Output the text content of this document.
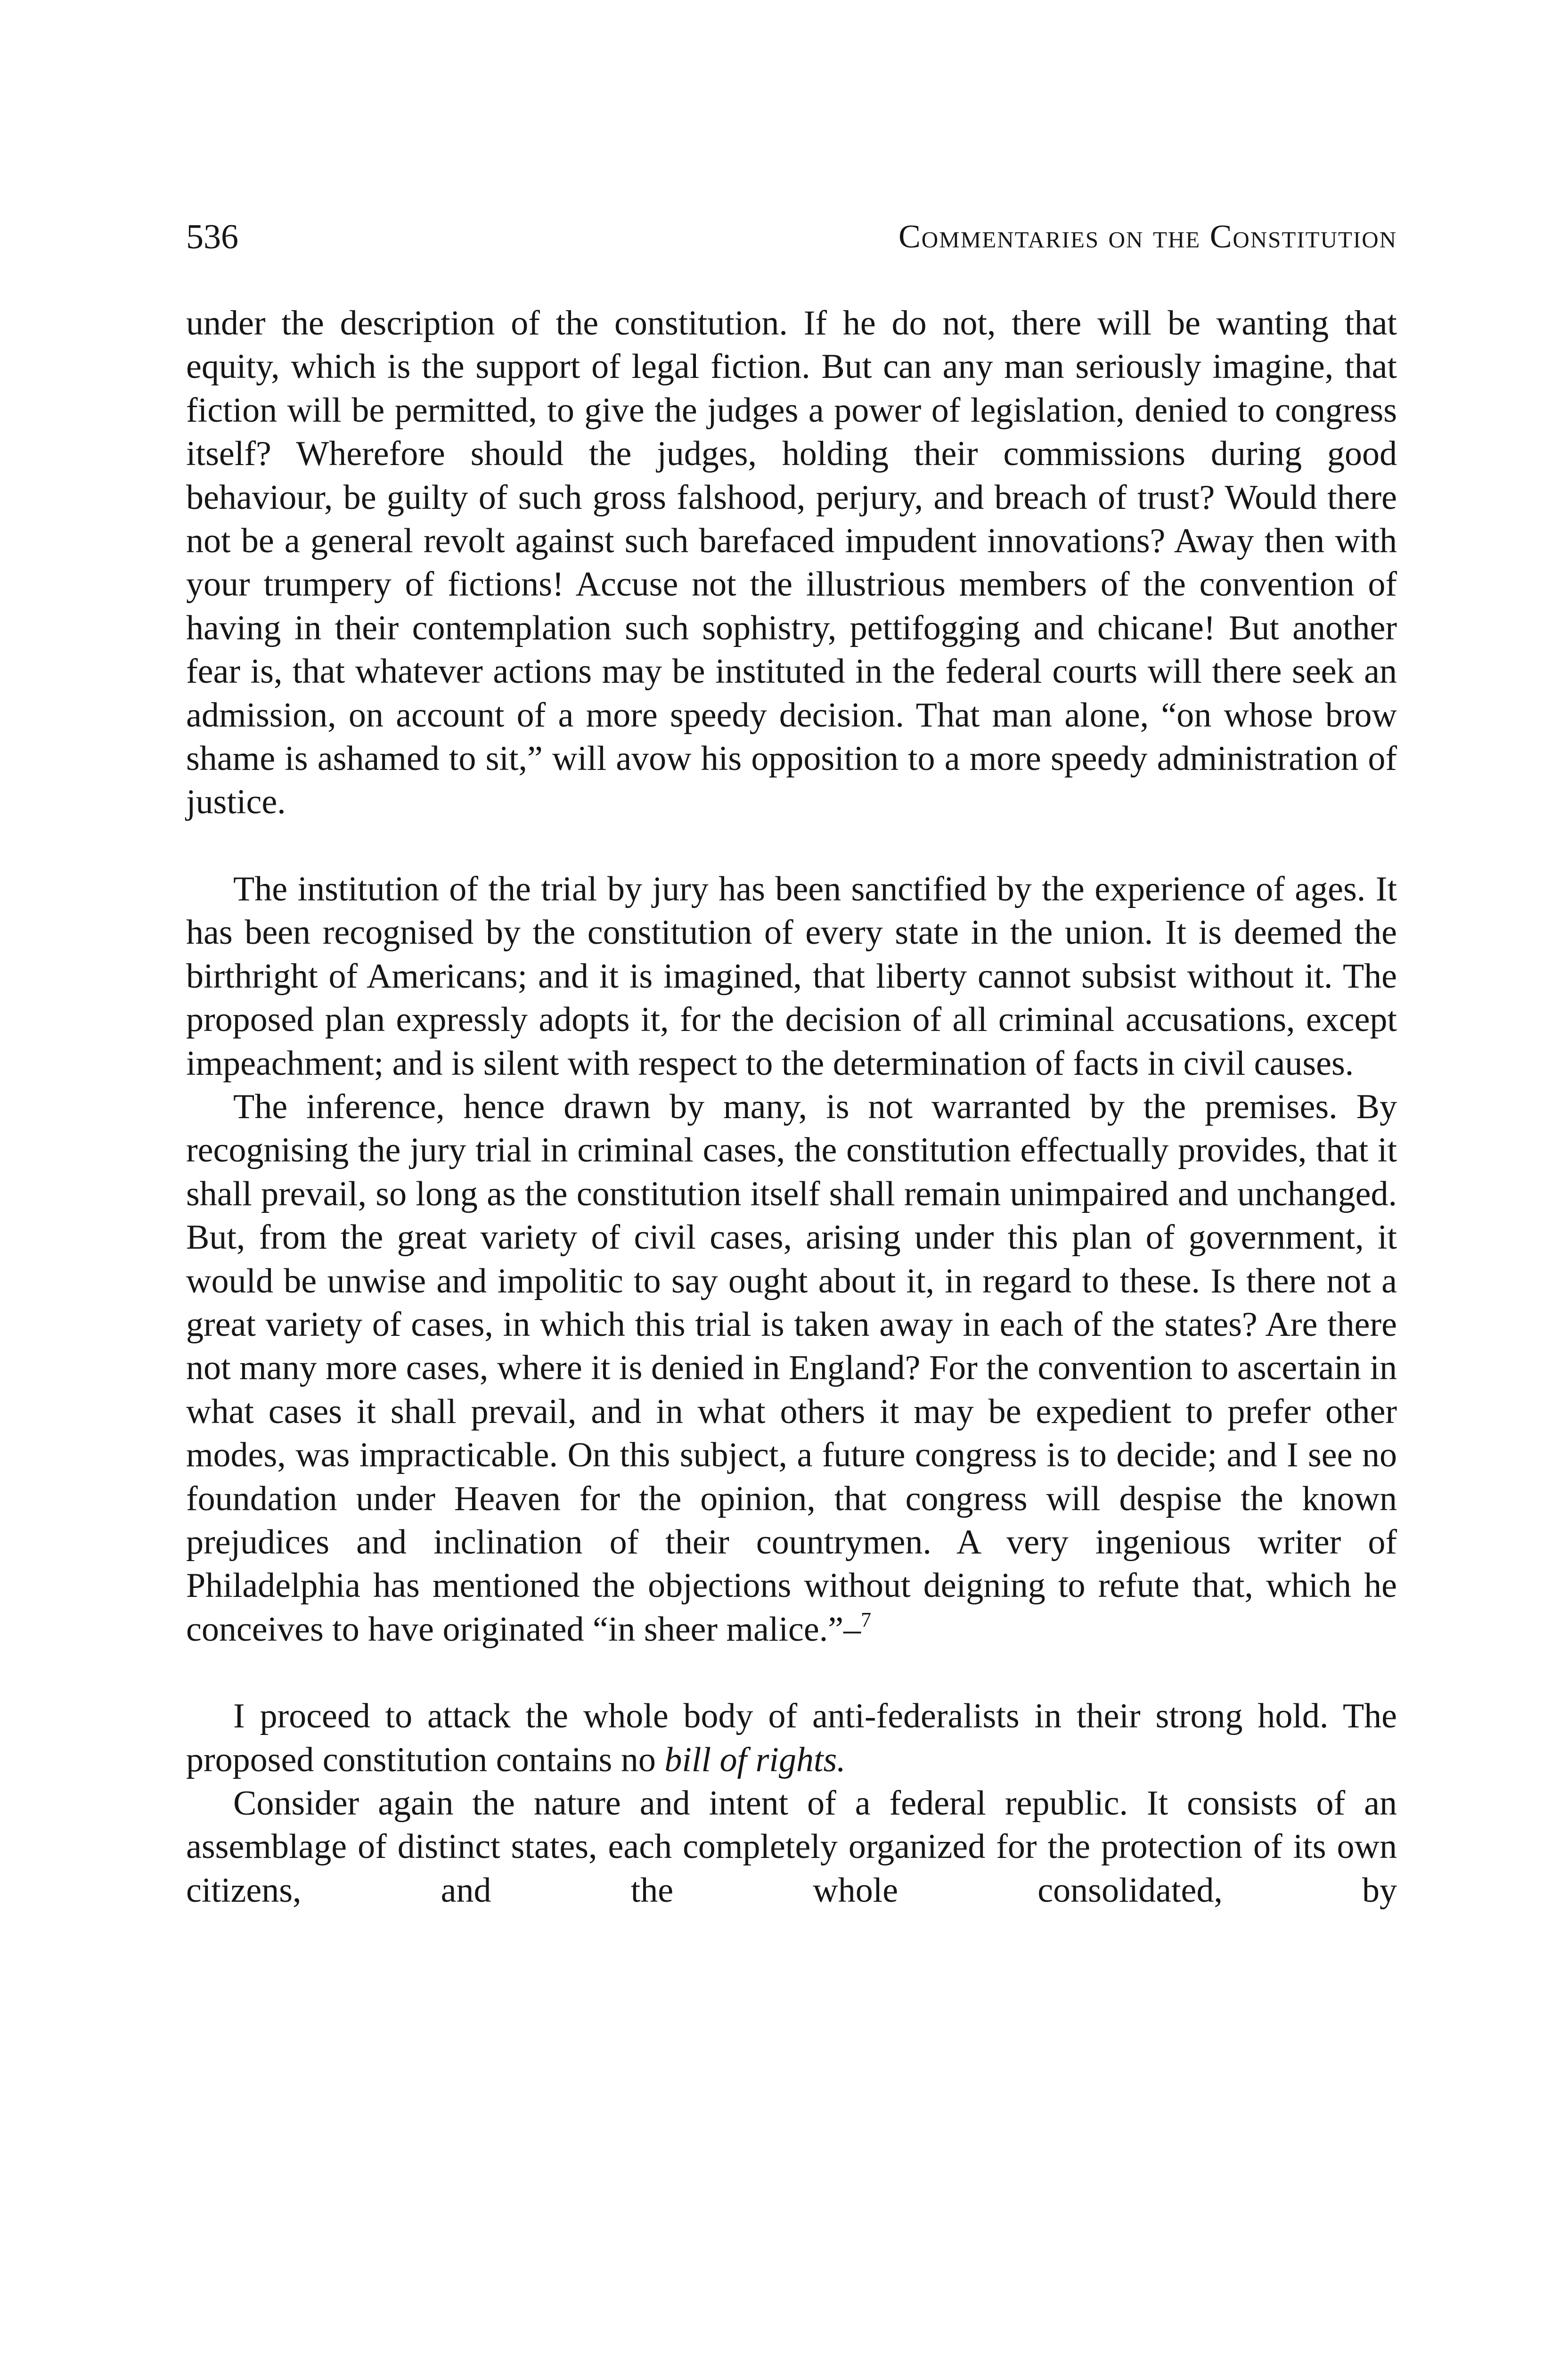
536	Commentaries on the Constitution

under the description of the constitution. If he do not, there will be wanting that equity, which is the support of legal fiction. But can any man seriously imagine, that fiction will be permitted, to give the judges a power of legislation, denied to congress itself? Wherefore should the judges, holding their commissions during good behaviour, be guilty of such gross falshood, perjury, and breach of trust? Would there not be a general revolt against such barefaced impudent innovations? Away then with your trumpery of fictions! Accuse not the illustrious members of the convention of having in their contemplation such sophistry, pettifogging and chicane! But another fear is, that whatever actions may be instituted in the federal courts will there seek an admission, on account of a more speedy decision. That man alone, “on whose brow shame is ashamed to sit,” will avow his opposition to a more speedy administration of justice.

The institution of the trial by jury has been sanctified by the experience of ages. It has been recognised by the constitution of every state in the union. It is deemed the birthright of Americans; and it is imagined, that liberty cannot subsist without it. The proposed plan expressly adopts it, for the decision of all criminal accusations, except impeachment; and is silent with respect to the determination of facts in civil causes.

The inference, hence drawn by many, is not warranted by the premises. By recognising the jury trial in criminal cases, the constitution effectually provides, that it shall prevail, so long as the constitution itself shall remain unimpaired and unchanged. But, from the great variety of civil cases, arising under this plan of government, it would be unwise and impolitic to say ought about it, in regard to these. Is there not a great variety of cases, in which this trial is taken away in each of the states? Are there not many more cases, where it is denied in England? For the convention to ascertain in what cases it shall prevail, and in what others it may be expedient to prefer other modes, was impracticable. On this subject, a future congress is to decide; and I see no foundation under Heaven for the opinion, that congress will despise the known prejudices and inclination of their countrymen. A very ingenious writer of Philadelphia has mentioned the objections without deigning to refute that, which he conceives to have originated “in sheer malice.”–$^7$

I proceed to attack the whole body of anti-federalists in their strong hold. The proposed constitution contains no bill of rights.

Consider again the nature and intent of a federal republic. It consists of an assemblage of distinct states, each completely organized for the protection of its own citizens, and the whole consolidated, by
